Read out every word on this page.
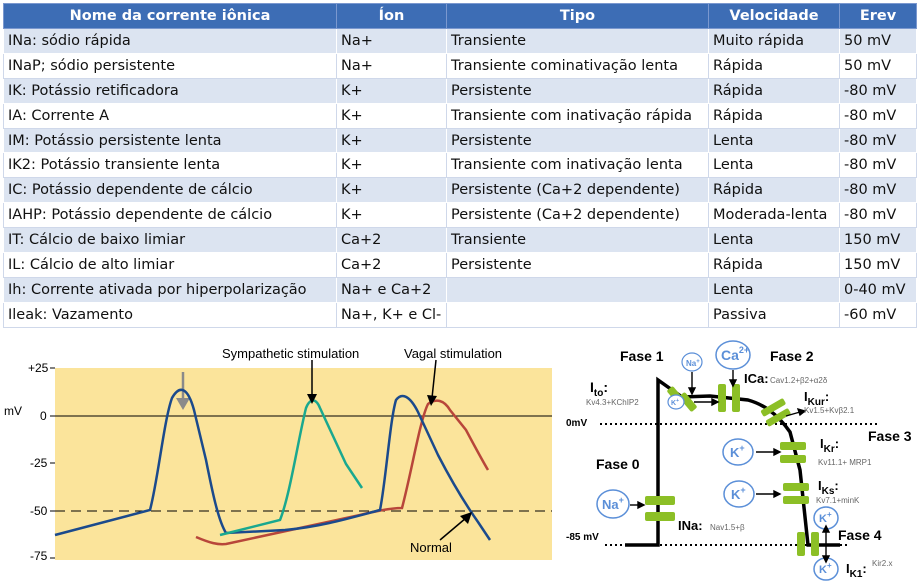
Nome da corrente iônica	Íon	Tipo	Velocidade	Erev
INa: sódio rápida	Na+	Transiente	Muito rápida	50 mV
INaP; sódio persistente	Na+	Transiente cominativação lenta	Rápida	50 mV
IK: Potássio retificadora	K+	Persistente	Rápida	-80 mV
IA: Corrente A	K+	Transiente com inativação rápida	Rápida	-80 mV
IM: Potássio persistente lenta	K+	Persistente	Lenta	-80 mV
IK2: Potássio transiente lenta	K+	Transiente com inativação lenta	Lenta	-80 mV
IC: Potássio dependente de cálcio	K+	Persistente (Ca+2 dependente)	Rápida	-80 mV
IAHP: Potássio dependente de cálcio	K+	Persistente (Ca+2 dependente)	Moderada-lenta	-80 mV
IT: Cálcio de baixo limiar	Ca+2	Transiente	Lenta	150 mV
IL: Cálcio de alto limiar	Ca+2	Persistente	Rápida	150 mV
Ih: Corrente ativada por hiperpolarização	Na+ e Ca+2		Lenta	0-40 mV
Ileak: Vazamento	Na+, K+ e Cl-		Passiva	-60 mV
+25
mV 0
-25
-50
-75
Sympathetic stimulation	Vagal stimulation
Normal
0mV
-85 mV
Na+
Na+
K+
$Ca^{2+}$
K+
K+
K+
K+
Fase 1	Fase 2
Fase 3
Fase 0
Fase 4
$I_{to}$:
Kv4.3+KChIP2
ICa: Cav1.2+β2+α2δ
$I_{Kur}$:
Kv1.5+Kvβ2.1
$I_{Kr}$:
Kv11.1+ MRP1
$I_{Ks}$:
Kv7.1+minK
INa: Nav1.5+β
$I_{K1}$: Kir2.x
